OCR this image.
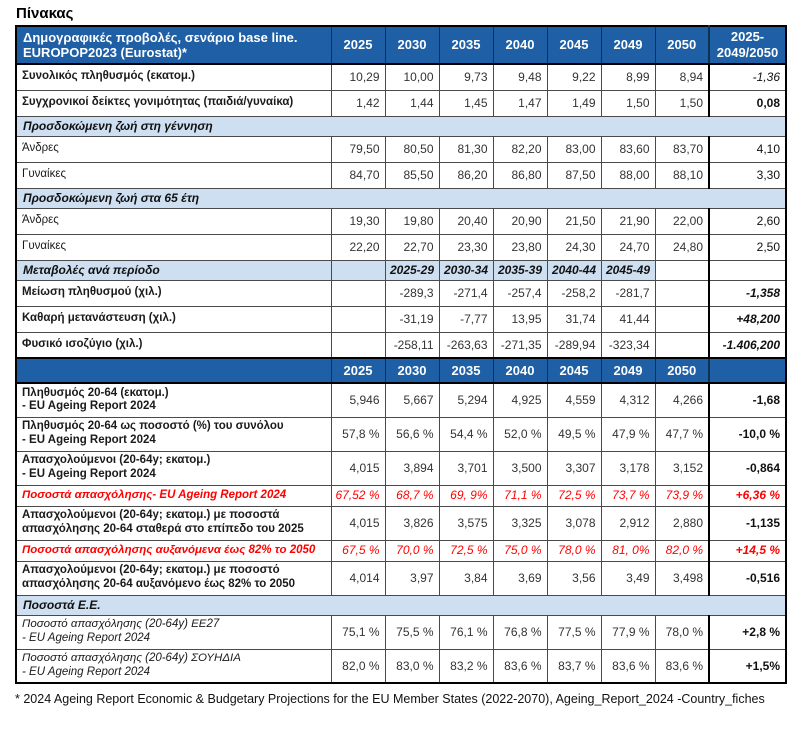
Πίνακας
Δημογραφικές προβολές, σενάριο base line.
EUROPOP2023 (Eurostat)*	2025	2030	2035	2040	2045	2049	2050	2025-2049/2050
Συνολικός πληθυσμός (εκατομ.)	10,29	10,00	9,73	9,48	9,22	8,99	8,94	-1,36
Συγχρονικοί δείκτες γονιμότητας (παιδιά/γυναίκα)	1,42	1,44	1,45	1,47	1,49	1,50	1,50	0,08
Προσδοκώμενη ζωή στη γέννηση								
Άνδρες	79,50	80,50	81,30	82,20	83,00	83,60	83,70	4,10
Γυναίκες	84,70	85,50	86,20	86,80	87,50	88,00	88,10	3,30
Προσδοκώμενη ζωή στα 65 έτη								
Άνδρες	19,30	19,80	20,40	20,90	21,50	21,90	22,00	2,60
Γυναίκες	22,20	22,70	23,30	23,80	24,30	24,70	24,80	2,50
Μεταβολές ανά περίοδο		2025-29	2030-34	2035-39	2040-44	2045-49		
Μείωση πληθυσμού (χιλ.)		-289,3	-271,4	-257,4	-258,2	-281,7		-1,358
Καθαρή μετανάστευση (χιλ.)		-31,19	-7,77	13,95	31,74	41,44		+48,200
Φυσικό ισοζύγιο (χιλ.)		-258,11	-263,63	-271,35	-289,94	-323,34		-1.406,200
	2025	2030	2035	2040	2045	2049	2050	

Πληθυσμός 20-64 (εκατομ.)
- EU Ageing Report 2024	5,946	5,667	5,294	4,925	4,559	4,312	4,266	-1,68

Πληθυσμός 20-64 ως ποσοστό (%) του συνόλου
- EU Ageing Report 2024	57,8 %	56,6 %	54,4 %	52,0 %	49,5 %	47,9 %	47,7 %	-10,0 %

Απασχολούμενοι (20-64y; εκατομ.)
- EU Ageing Report 2024	4,015	3,894	3,701	3,500	3,307	3,178	3,152	-0,864
Ποσοστά απασχόλησης- EU Ageing Report 2024	67,52 %	68,7 %	69, 9%	71,1 %	72,5 %	73,7 %	73,9 %	+6,36 %
Απασχολούμενοι (20-64y; εκατομ.) με ποσοστά απασχόλησης 20-64 σταθερά στο επίπεδο του 2025	4,015	3,826	3,575	3,325	3,078	2,912	2,880	-1,135
Ποσοστά απασχόλησης αυξανόμενα έως 82% το 2050	67,5 %	70,0 %	72,5 %	75,0 %	78,0 %	81, 0%	82,0 %	+14,5 %
Απασχολούμενοι (20-64y; εκατομ.) με ποσοστό απασχόλησης 20-64 αυξανόμενο έως 82% το 2050	4,014	3,97	3,84	3,69	3,56	3,49	3,498	-0,516
Ποσοστά Ε.Ε.								

Ποσοστό απασχόλησης (20-64y) ΕΕ27
- EU Ageing Report 2024	75,1 %	75,5 %	76,1 %	76,8 %	77,5 %	77,9 %	78,0 %	+2,8 %

Ποσοστό απασχόλησης (20-64y) ΣΟΥΗΔΙΑ
- EU Ageing Report 2024	82,0 %	83,0 %	83,2 %	83,6 %	83,7 %	83,6 %	83,6 %	+1,5%
* 2024 Ageing Report Economic & Budgetary Projections for the EU Member States (2022-2070), Ageing_Report_2024 -Country_fiches
